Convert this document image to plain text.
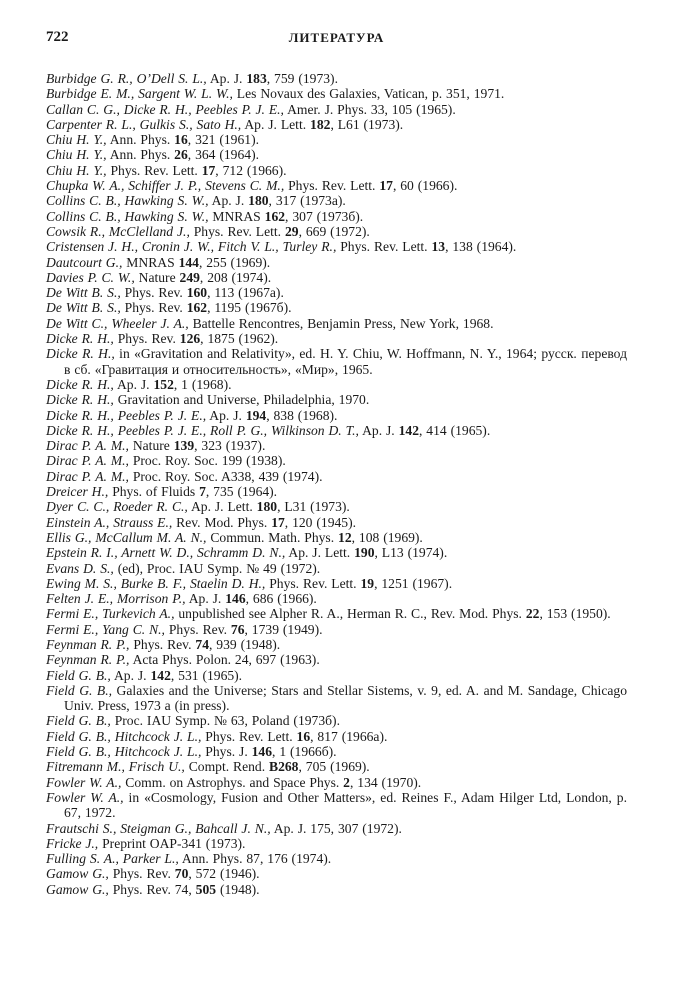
722	ЛИТЕРАТУРА
Burbidge G. R., O’Dell S. L., Ap. J. 183, 759 (1973).
Burbidge E. M., Sargent W. L. W., Les Novaux des Galaxies, Vatican, p. 351, 1971.
Callan C. G., Dicke R. H., Peebles P. J. E., Amer. J. Phys. 33, 105 (1965).
Carpenter R. L., Gulkis S., Sato H., Ap. J. Lett. 182, L61 (1973).
Chiu H. Y., Ann. Phys. 16, 321 (1961).
Chiu H. Y., Ann. Phys. 26, 364 (1964).
Chiu H. Y., Phys. Rev. Lett. 17, 712 (1966).
Chupka W. A., Schiffer J. P., Stevens C. M., Phys. Rev. Lett. 17, 60 (1966).
Collins C. B., Hawking S. W., Ap. J. 180, 317 (1973a).
Collins C. B., Hawking S. W., MNRAS 162, 307 (1973б).
Cowsik R., McClelland J., Phys. Rev. Lett. 29, 669 (1972).
Cristensen J. H., Cronin J. W., Fitch V. L., Turley R., Phys. Rev. Lett. 13, 138 (1964).
Dautcourt G., MNRAS 144, 255 (1969).
Davies P. C. W., Nature 249, 208 (1974).
De Witt B. S., Phys. Rev. 160, 113 (1967a).
De Witt B. S., Phys. Rev. 162, 1195 (1967б).
De Witt C., Wheeler J. A., Battelle Rencontres, Benjamin Press, New York, 1968.
Dicke R. H., Phys. Rev. 126, 1875 (1962).
Dicke R. H., in «Gravitation and Relativity», ed. H. Y. Chiu, W. Hoffmann, N. Y., 1964; русск. перевод в сб. «Гравитация и относительность», «Мир», 1965.
Dicke R. H., Ap. J. 152, 1 (1968).
Dicke R. H., Gravitation and Universe, Philadelphia, 1970.
Dicke R. H., Peebles P. J. E., Ap. J. 194, 838 (1968).
Dicke R. H., Peebles P. J. E., Roll P. G., Wilkinson D. T., Ap. J. 142, 414 (1965).
Dirac P. A. M., Nature 139, 323 (1937).
Dirac P. A. M., Proc. Roy. Soc. 199 (1938).
Dirac P. A. M., Proc. Roy. Soc. A338, 439 (1974).
Dreicer H., Phys. of Fluids 7, 735 (1964).
Dyer C. C., Roeder R. C., Ap. J. Lett. 180, L31 (1973).
Einstein A., Strauss E., Rev. Mod. Phys. 17, 120 (1945).
Ellis G., McCallum M. A. N., Commun. Math. Phys. 12, 108 (1969).
Epstein R. I., Arnett W. D., Schramm D. N., Ap. J. Lett. 190, L13 (1974).
Evans D. S., (ed), Proc. IAU Symp. № 49 (1972).
Ewing M. S., Burke B. F., Staelin D. H., Phys. Rev. Lett. 19, 1251 (1967).
Felten J. E., Morrison P., Ap. J. 146, 686 (1966).
Fermi E., Turkevich A., unpublished see Alpher R. A., Herman R. C., Rev. Mod. Phys. 22, 153 (1950).
Fermi E., Yang C. N., Phys. Rev. 76, 1739 (1949).
Feynman R. P., Phys. Rev. 74, 939 (1948).
Feynman R. P., Acta Phys. Polon. 24, 697 (1963).
Field G. B., Ap. J. 142, 531 (1965).
Field G. B., Galaxies and the Universe; Stars and Stellar Sistems, v. 9, ed. A. and M. Sandage, Chicago Univ. Press, 1973 a (in press).
Field G. B., Proc. IAU Symp. № 63, Poland (1973б).
Field G. B., Hitchcock J. L., Phys. Rev. Lett. 16, 817 (1966a).
Field G. B., Hitchcock J. L., Phys. J. 146, 1 (1966б).
Fitremann M., Frisch U., Compt. Rend. B268, 705 (1969).
Fowler W. A., Comm. on Astrophys. and Space Phys. 2, 134 (1970).
Fowler W. A., in «Cosmology, Fusion and Other Matters», ed. Reines F., Adam Hilger Ltd, London, p. 67, 1972.
Frautschi S., Steigman G., Bahcall J. N., Ap. J. 175, 307 (1972).
Fricke J., Preprint OAP-341 (1973).
Fulling S. A., Parker L., Ann. Phys. 87, 176 (1974).
Gamow G., Phys. Rev. 70, 572 (1946).
Gamow G., Phys. Rev. 74, 505 (1948).
